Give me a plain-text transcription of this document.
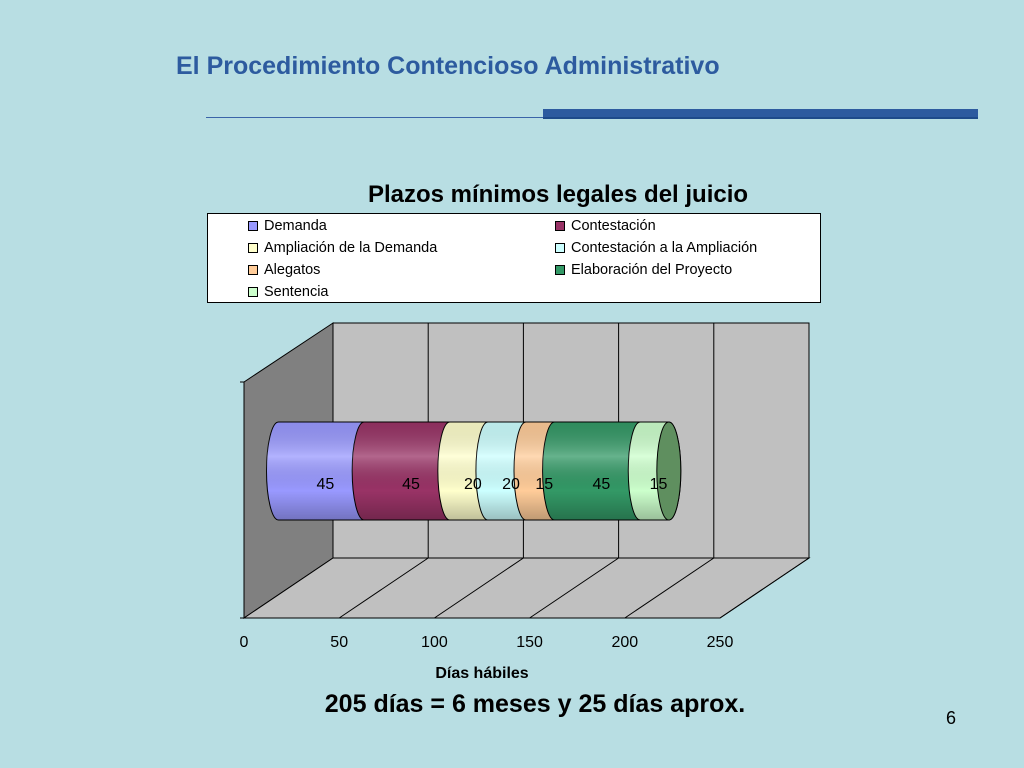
El Procedimiento Contencioso Administrativo
Plazos mínimos legales del juicio
Demanda	Contestación
Ampliación de la Demanda	Contestación a la Ampliación
Alegatos	Elaboración del Proyecto
Sentencia
45	45	20 20 15 45 15
0	50	100	150	200	250
Días hábiles
205 días = 6 meses y 25 días aprox.	6
